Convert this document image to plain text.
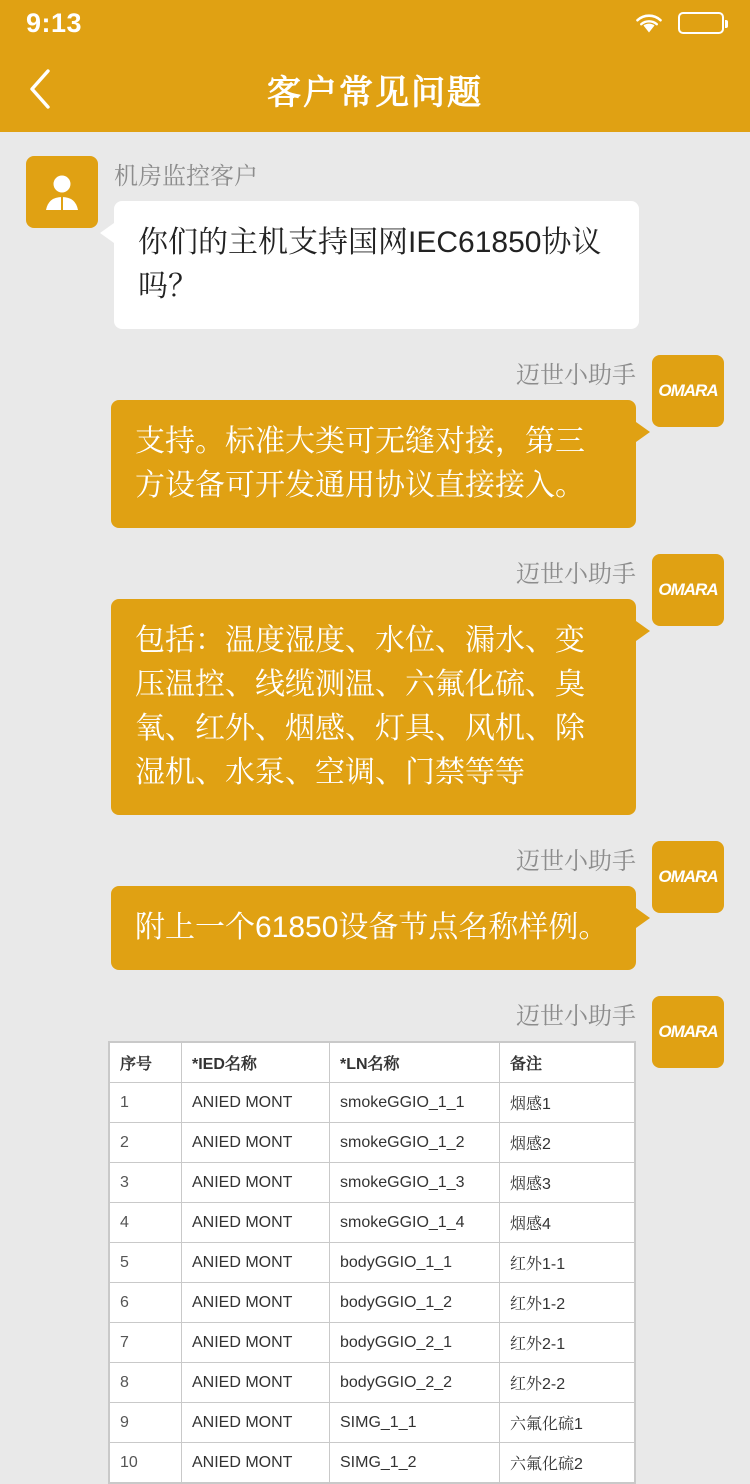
9:13
客户常见问题
机房监控客户
你们的主机支持国网IEC61850协议吗？
迈世小助手
支持。标准大类可无缝对接，第三方设备可开发通用协议直接接入。
OMARA
迈世小助手
包括：温度湿度、水位、漏水、变压温控、线缆测温、六氟化硫、臭氧、红外、烟感、灯具、风机、除湿机、水泵、空调、门禁等等
OMARA
迈世小助手
附上一个61850设备节点名称样例。
OMARA
迈世小助手
序号	*IED名称	*LN名称	备注
1	ANIED MONT	smokeGGIO_1_1	烟感1
2	ANIED MONT	smokeGGIO_1_2	烟感2
3	ANIED MONT	smokeGGIO_1_3	烟感3
4	ANIED MONT	smokeGGIO_1_4	烟感4
5	ANIED MONT	bodyGGIO_1_1	红外1-1
6	ANIED MONT	bodyGGIO_1_2	红外1-2
7	ANIED MONT	bodyGGIO_2_1	红外2-1
8	ANIED MONT	bodyGGIO_2_2	红外2-2
9	ANIED MONT	SIMG_1_1	六氟化硫1
10	ANIED MONT	SIMG_1_2	六氟化硫2
OMARA
